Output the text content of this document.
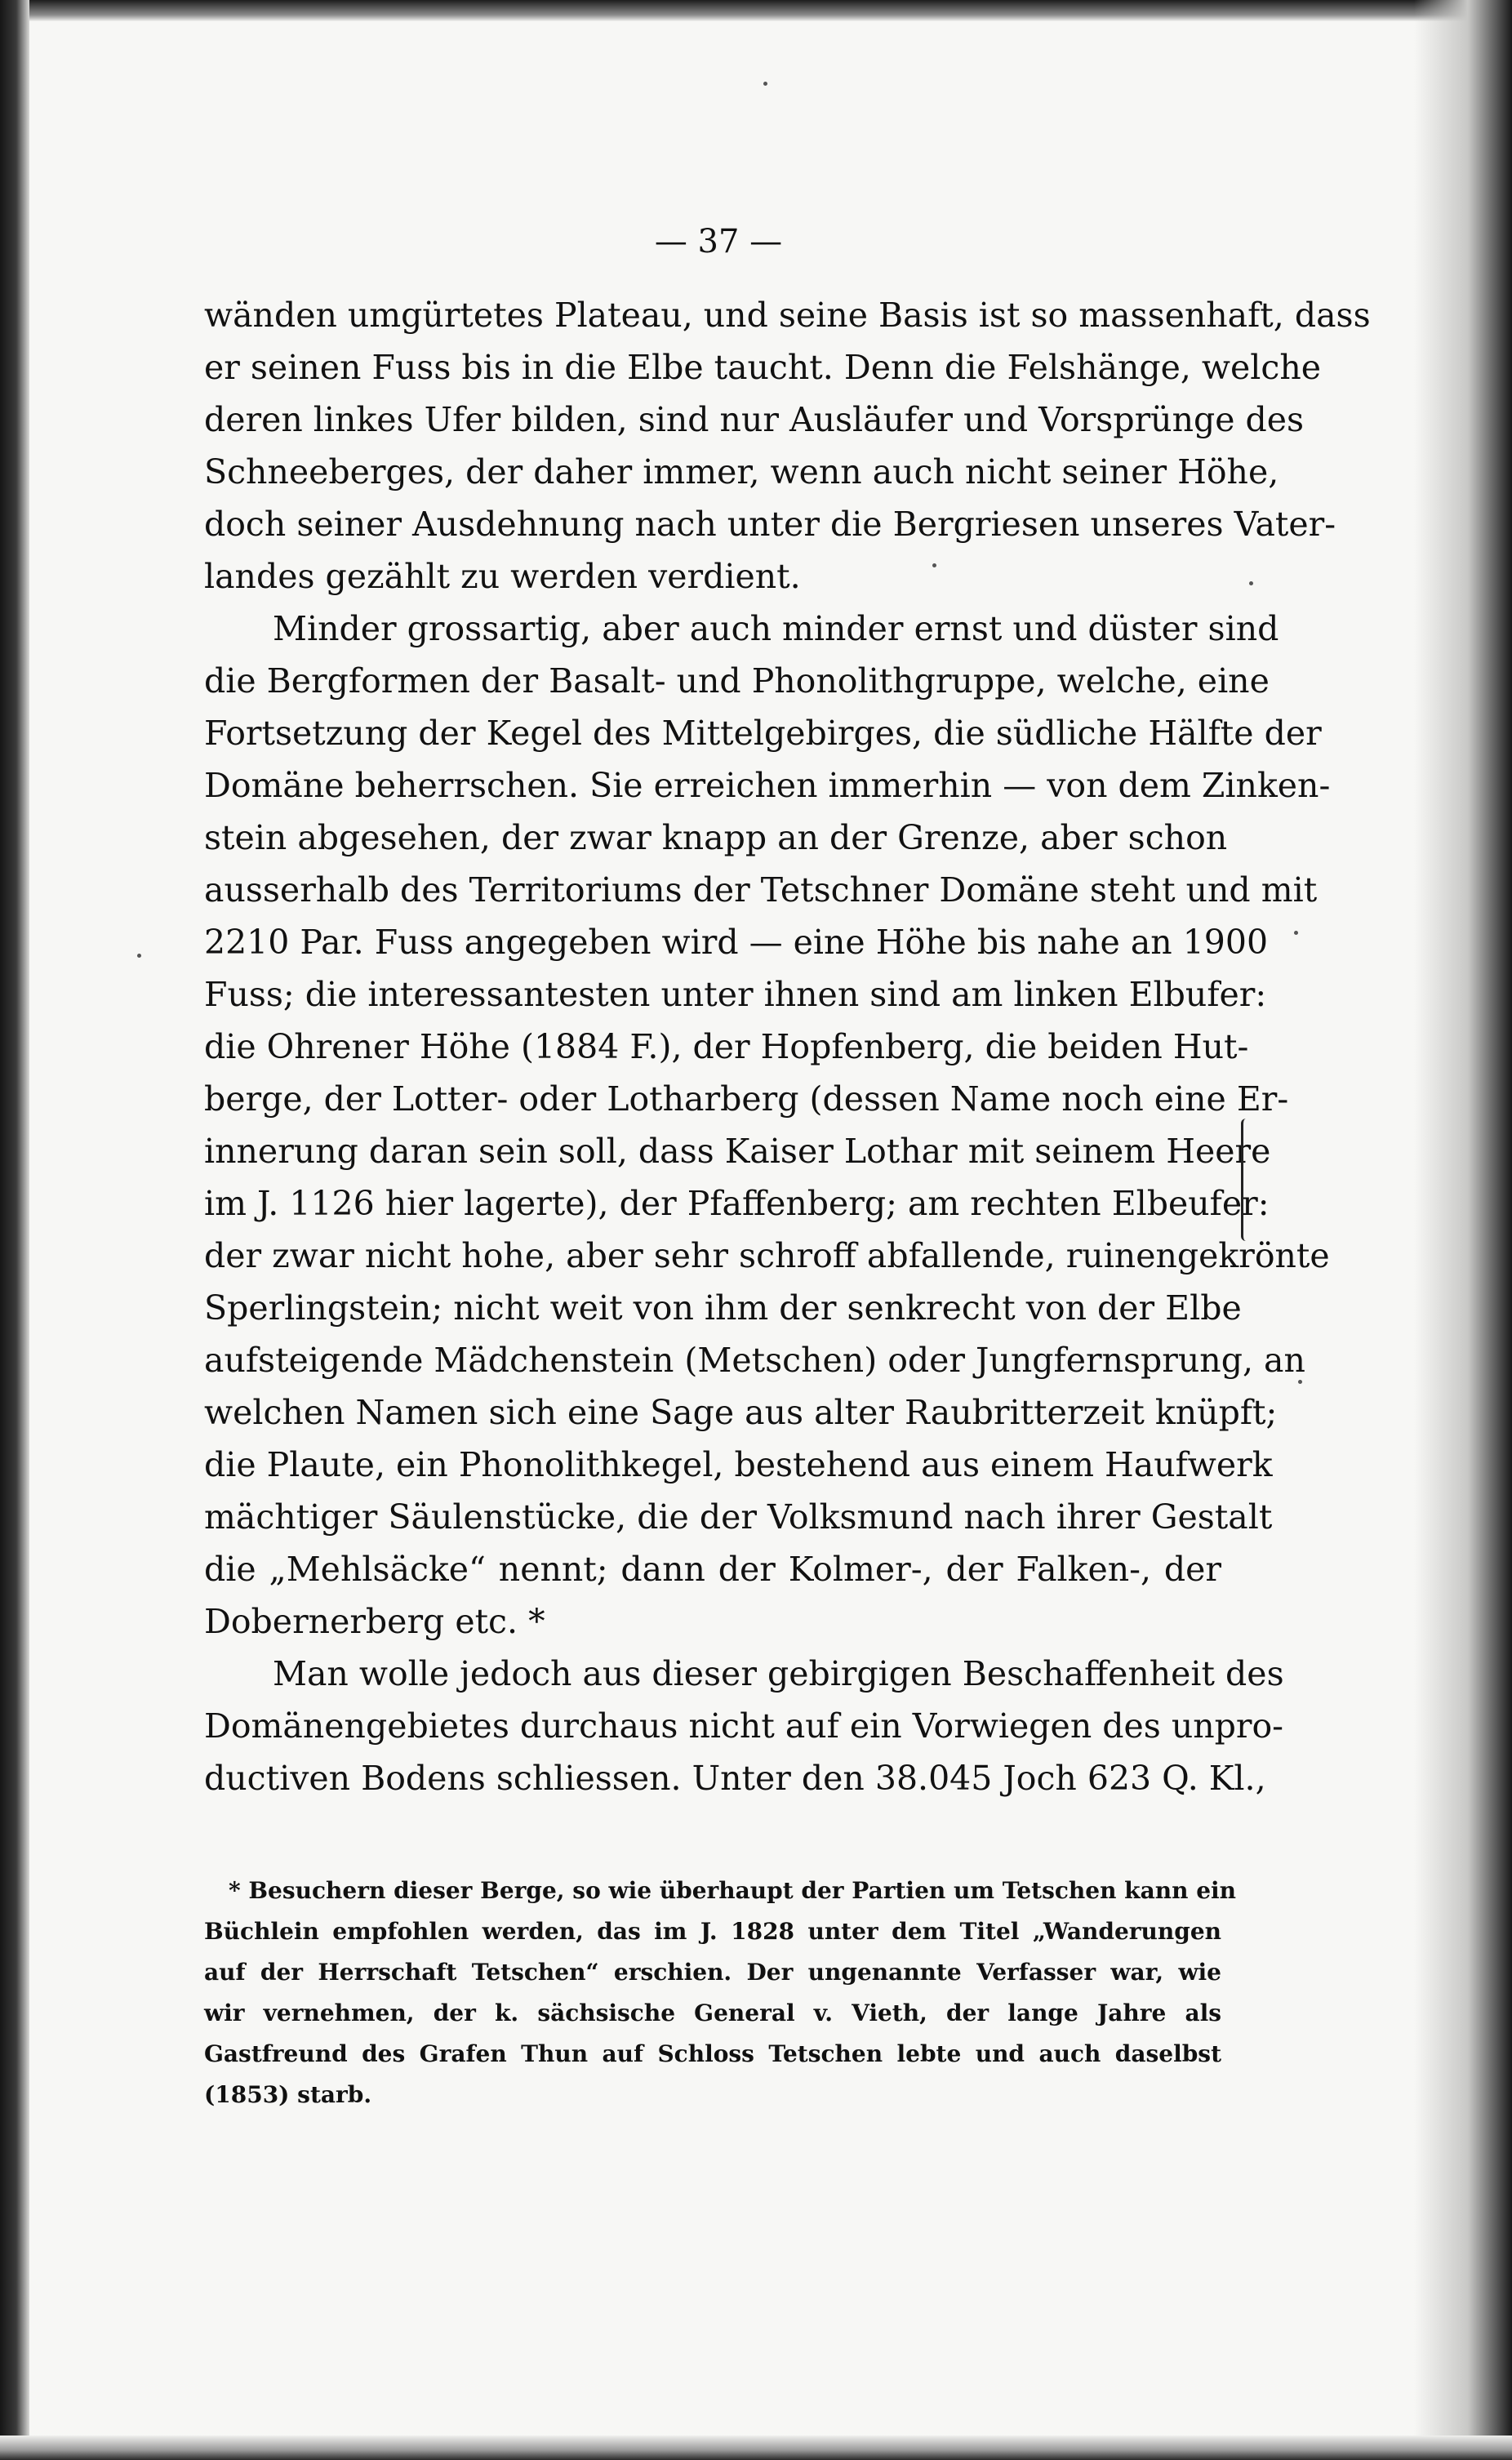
— 37 —
wänden umgürtetes Plateau, und seine Basis ist so massenhaft, dass
er seinen Fuss bis in die Elbe taucht. Denn die Felshänge, welche
deren linkes Ufer bilden, sind nur Ausläufer und Vorsprünge des
Schneeberges, der daher immer, wenn auch nicht seiner Höhe,
doch seiner Ausdehnung nach unter die Bergriesen unseres Vater-
landes gezählt zu werden verdient.
Minder grossartig, aber auch minder ernst und düster sind
die Bergformen der Basalt- und Phonolithgruppe, welche, eine
Fortsetzung der Kegel des Mittelgebirges, die südliche Hälfte der
Domäne beherrschen. Sie erreichen immerhin — von dem Zinken-
stein abgesehen, der zwar knapp an der Grenze, aber schon
ausserhalb des Territoriums der Tetschner Domäne steht und mit
2210 Par. Fuss angegeben wird — eine Höhe bis nahe an 1900
Fuss; die interessantesten unter ihnen sind am linken Elbufer:
die Ohrener Höhe (1884 F.), der Hopfenberg, die beiden Hut-
berge, der Lotter- oder Lotharberg (dessen Name noch eine Er-
innerung daran sein soll, dass Kaiser Lothar mit seinem Heere
im J. 1126 hier lagerte), der Pfaffenberg; am rechten Elbeufer:
der zwar nicht hohe, aber sehr schroff abfallende, ruinengekrönte
Sperlingstein; nicht weit von ihm der senkrecht von der Elbe
aufsteigende Mädchenstein (Metschen) oder Jungfernsprung, an
welchen Namen sich eine Sage aus alter Raubritterzeit knüpft;
die Plaute, ein Phonolithkegel, bestehend aus einem Haufwerk
mächtiger Säulenstücke, die der Volksmund nach ihrer Gestalt
die „Mehlsäcke“ nennt; dann der Kolmer-, der Falken-, der
Dobernerberg etc. *
Man wolle jedoch aus dieser gebirgigen Beschaffenheit des
Domänengebietes durchaus nicht auf ein Vorwiegen des unpro-
ductiven Bodens schliessen. Unter den 38.045 Joch 623 Q. Kl.,
* Besuchern dieser Berge, so wie überhaupt der Partien um Tetschen kann ein
Büchlein empfohlen werden, das im J. 1828 unter dem Titel „Wanderungen
auf der Herrschaft Tetschen“ erschien. Der ungenannte Verfasser war, wie
wir vernehmen, der k. sächsische General v. Vieth, der lange Jahre als
Gastfreund des Grafen Thun auf Schloss Tetschen lebte und auch daselbst
(1853) starb.
